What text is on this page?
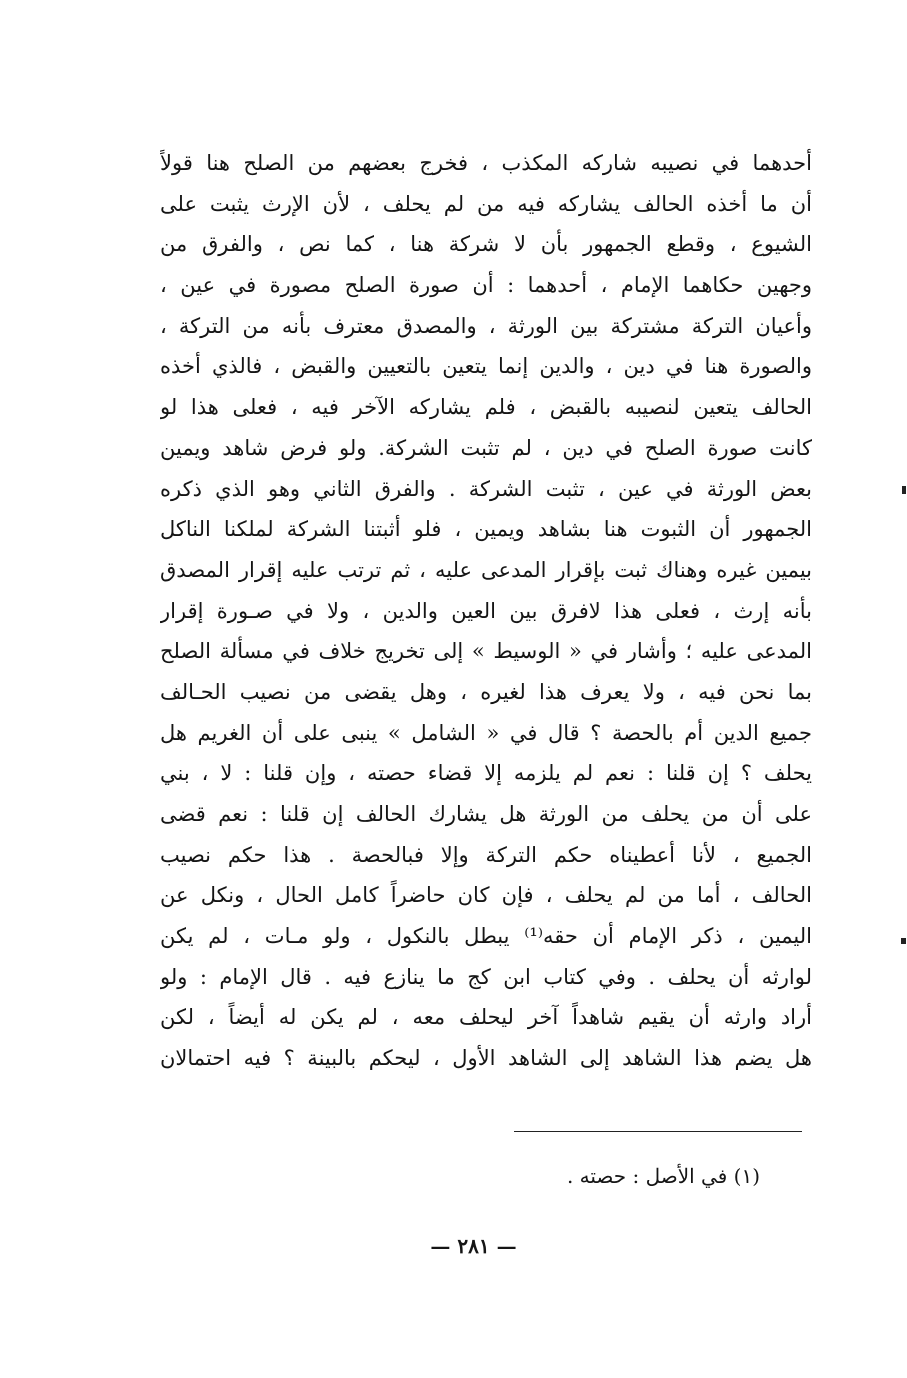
أحدهما في نصيبه شاركه المكذب ، فخرج بعضهم من الصلح هنا قولاً
أن ما أخذه الحالف يشاركه فيه من لم يحلف ، لأن الإرث يثبت على
الشيوع ، وقطع الجمهور بأن لا شركة هنا ، كما نص ، والفرق من
وجهين حكاهما الإمام ، أحدهما : أن صورة الصلح مصورة في عين ،
وأعيان التركة مشتركة بين الورثة ، والمصدق معترف بأنه من التركة ،
والصورة هنا في دين ، والدين إنما يتعين بالتعيين والقبض ، فالذي أخذه
الحالف يتعين لنصيبه بالقبض ، فلم يشاركه الآخر فيه ، فعلى هذا لو
كانت صورة الصلح في دين ، لم تثبت الشركة. ولو فرض شاهد ويمين
بعض الورثة في عين ، تثبت الشركة . والفرق الثاني وهو الذي ذكره
الجمهور أن الثبوت هنا بشاهد ويمين ، فلو أثبتنا الشركة لملكنا الناكل
بيمين غيره وهناك ثبت بإقرار المدعى عليه ، ثم ترتب عليه إقرار المصدق
بأنه إرث ، فعلى هذا لافرق بين العين والدين ، ولا في صـورة إقرار
المدعى عليه ؛ وأشار في « الوسيط » إلى تخريج خلاف في مسألة الصلح
بما نحن فيه ، ولا يعرف هذا لغيره ، وهل يقضى من نصيب الحـالف
جميع الدين أم بالحصة ؟ قال في « الشامل » ينبى على أن الغريم هل
يحلف ؟ إن قلنا : نعم لم يلزمه إلا قضاء حصته ، وإن قلنا : لا ، بني
على أن من يحلف من الورثة هل يشارك الحالف إن قلنا : نعم قضى
الجميع ، لأنا أعطيناه حكم التركة وإلا فبالحصة . هذا حكم نصيب
الحالف ، أما من لم يحلف ، فإن كان حاضراً كامل الحال ، ونكل عن
اليمين ، ذكر الإمام أن حقه⁽¹⁾ يبطل بالنكول ، ولو مـات ، لم يكن
لوارثه أن يحلف . وفي كتاب ابن كج ما ينازع فيه . قال الإمام : ولو
أراد وارثه أن يقيم شاهداً آخر ليحلف معه ، لم يكن له أيضاً ، لكن
هل يضم هذا الشاهد إلى الشاهد الأول ، ليحكم بالبينة ؟ فيه احتمالان
(١) في الأصل : حصته .
— ٢٨١ —
